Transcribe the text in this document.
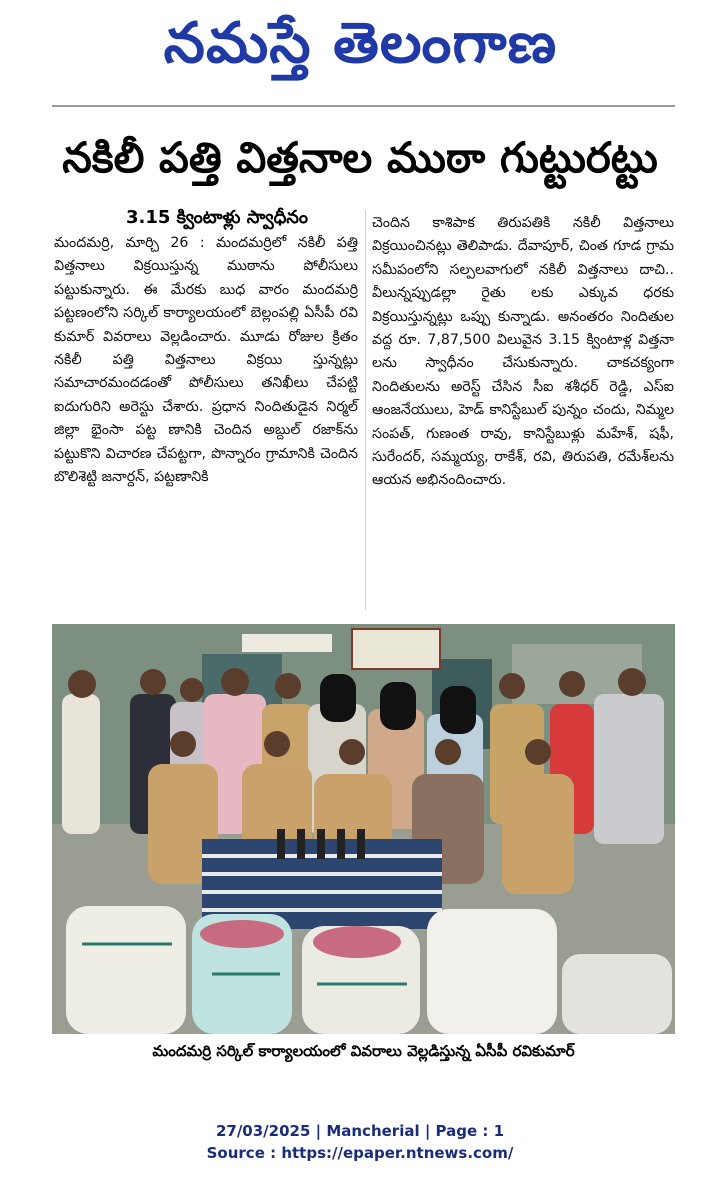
నమస్తే తెలంగాణ
నకిలీ పత్తి విత్తనాల ముఠా గుట్టురట్టు
3.15 క్వింటాళ్లు స్వాధీనం
మందమర్రి, మార్చి 26 : మందమర్రిలో నకిలీ పత్తి విత్తనాలు విక్రయిస్తున్న ముఠాను పోలీసులు పట్టుకున్నారు. ఈ మేరకు బుధ వారం మందమర్రి పట్టణంలోని సర్కిల్ కార్యాలయంలో బెల్లంపల్లి ఏసీపీ రవి కుమార్ వివరాలు వెల్లడించారు. మూడు రోజుల క్రితం నకిలీ పత్తి విత్తనాలు విక్రయి స్తున్నట్లు సమాచారమందడంతో పోలీసులు తనిఖీలు చేపట్టి ఐదుగురిని అరెస్టు చేశారు. ప్రధాన నిందితుడైన నిర్మల్ జిల్లా భైంసా పట్ట ణానికి చెందిన అబ్దుల్ రజాక్‌ను పట్టుకొని విచారణ చేపట్టగా, పొన్నారం గ్రామానికి చెందిన బొలిశెట్టి జనార్దన్, పట్టణానికి
చెందిన కాశిపాక తిరుపతికి నకిలీ విత్తనాలు విక్రయించినట్లు తెలిపాడు. దేవాపూర్, చింత గూడ గ్రామ సమీపంలోని సల్పలవాగులో నకిలీ విత్తనాలు దాచి.. వీలున్నప్పుడల్లా రైతు లకు ఎక్కువ ధరకు విక్రయిస్తున్నట్లు ఒప్పు కున్నాడు. అనంతరం నిందితుల వద్ద రూ. 7,87,500 విలువైన 3.15 క్వింటాళ్ల విత్తనా లను స్వాధీనం చేసుకున్నారు. చాకచక్యంగా నిందితులను అరెస్ట్ చేసిన సీఐ శశీధర్ రెడ్డి, ఎస్ఐ ఆంజనేయులు, హెడ్ కానిస్టేబుల్ పున్నం చందు, నిమ్మల సంపత్, గుణంత రావు, కానిస్టేబుళ్లు మహేశ్, షఫీ, సురేందర్, సమ్మయ్య, రాకేశ్, రవి, తిరుపతి, రమేశ్‌లను ఆయన అభినందించారు.
మందమర్రి సర్కిల్ కార్యాలయంలో వివరాలు వెల్లడిస్తున్న ఏసీపీ రవికుమార్
27/03/2025 | Mancherial | Page : 1
Source : https://epaper.ntnews.com/
